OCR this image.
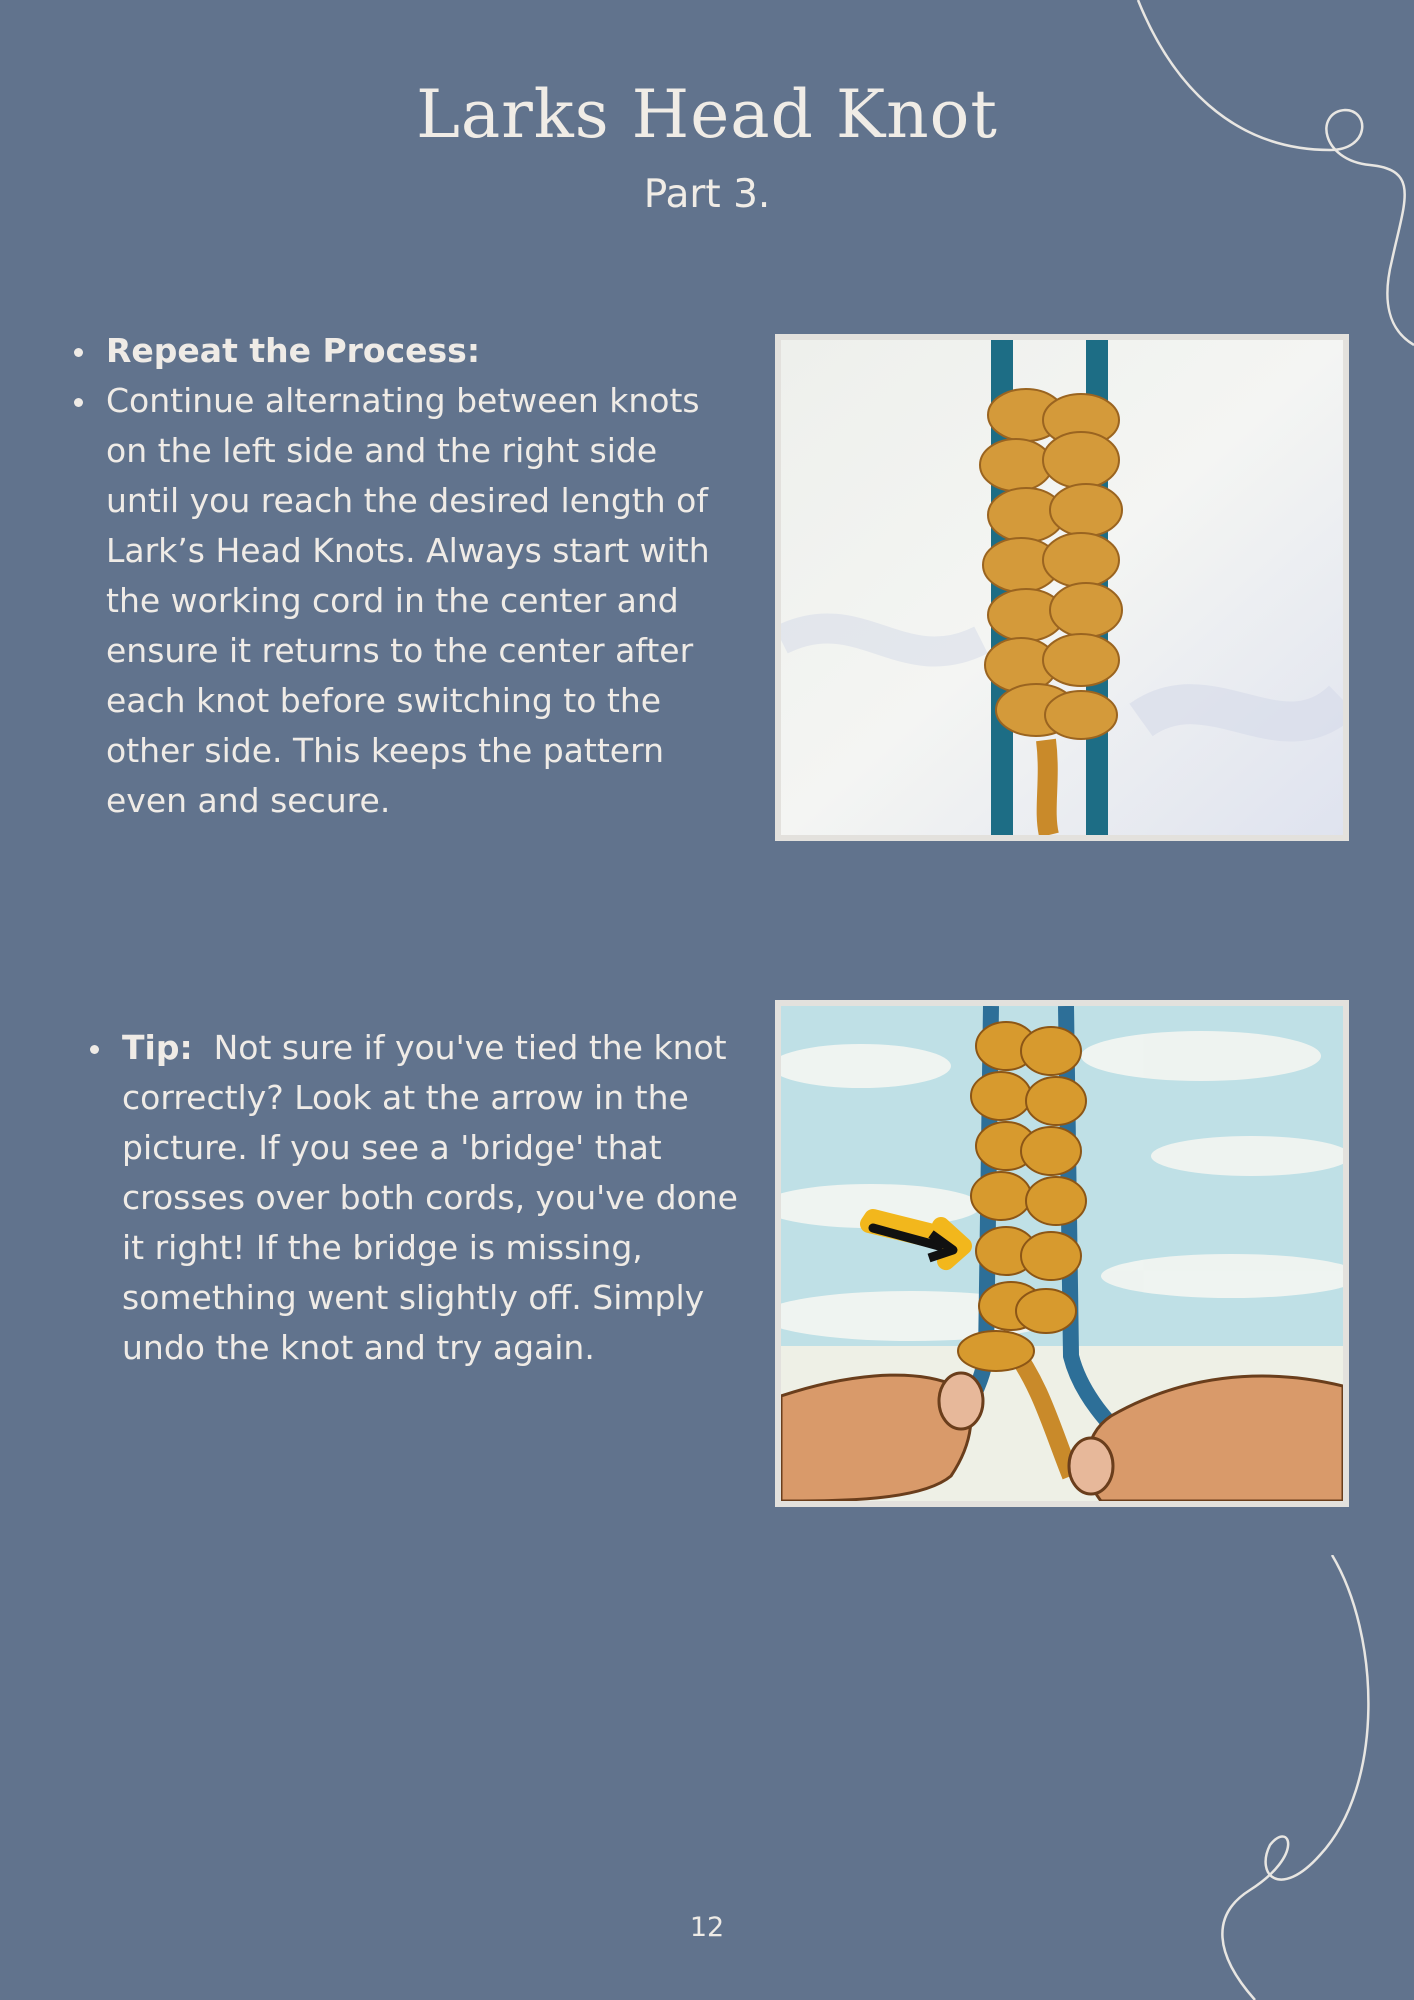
Larks Head Knot
Part 3.
Repeat the Process:
Continue alternating between knots on the left side and the right side until you reach the desired length of Lark’s Head Knots. Always start with the working cord in the center and ensure it returns to the center after each knot before switching to the other side. This keeps the pattern even and secure.
Tip: Not sure if you've tied the knot correctly? Look at the arrow in the picture. If you see a 'bridge' that crosses over both cords, you've done it right! If the bridge is missing, something went slightly off. Simply undo the knot and try again.
12
